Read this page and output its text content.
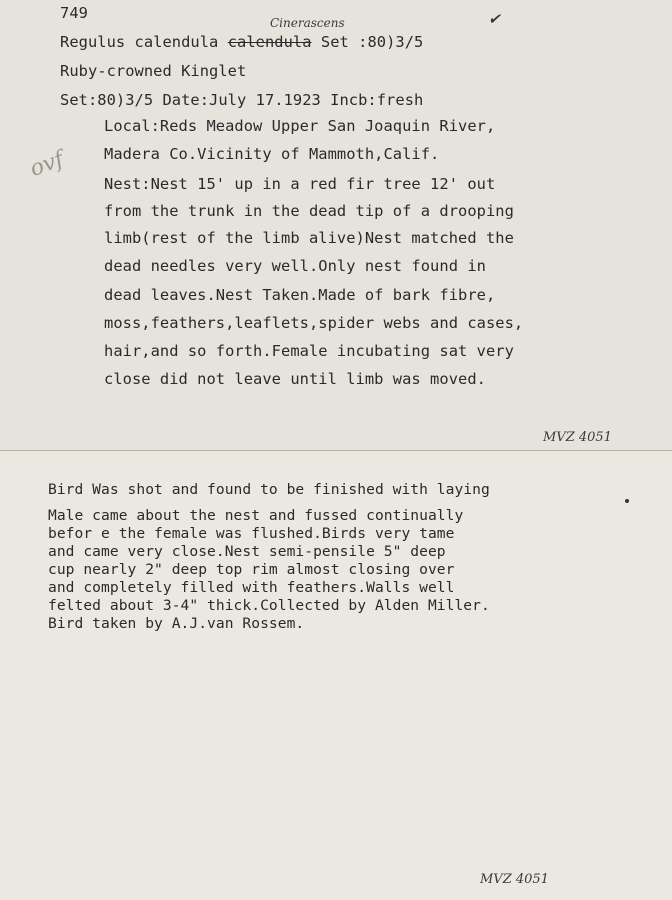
749
Cinerascens	✔
Regulus calendula calendula Set :80)3/5
Ruby-crowned Kinglet
Set:80)3/5 Date:July 17.1923 Incb:fresh
Local:Reds Meadow Upper San Joaquin River,
Madera Co.Vicinity of Mammoth,Calif.
ovf
Nest:Nest 15' up in a red fir tree 12' out
from the trunk in the dead tip of a drooping
limb(rest of the limb alive)Nest matched the
dead needles very well.Only nest found in
dead leaves.Nest Taken.Made of bark fibre,
moss,feathers,leaflets,spider webs and cases,
hair,and so forth.Female incubating sat very
close did not leave until limb was moved.
MVZ 4051
Bird Was shot and found to be finished with laying
Male came about the nest and fussed continually
befor e the female was flushed.Birds very tame
and came very close.Nest semi-pensile 5" deep
cup nearly 2" deep top rim almost closing over
and completely filled with feathers.Walls well
felted about 3-4" thick.Collected by Alden Miller.
Bird taken by A.J.van Rossem.
MVZ 4051
